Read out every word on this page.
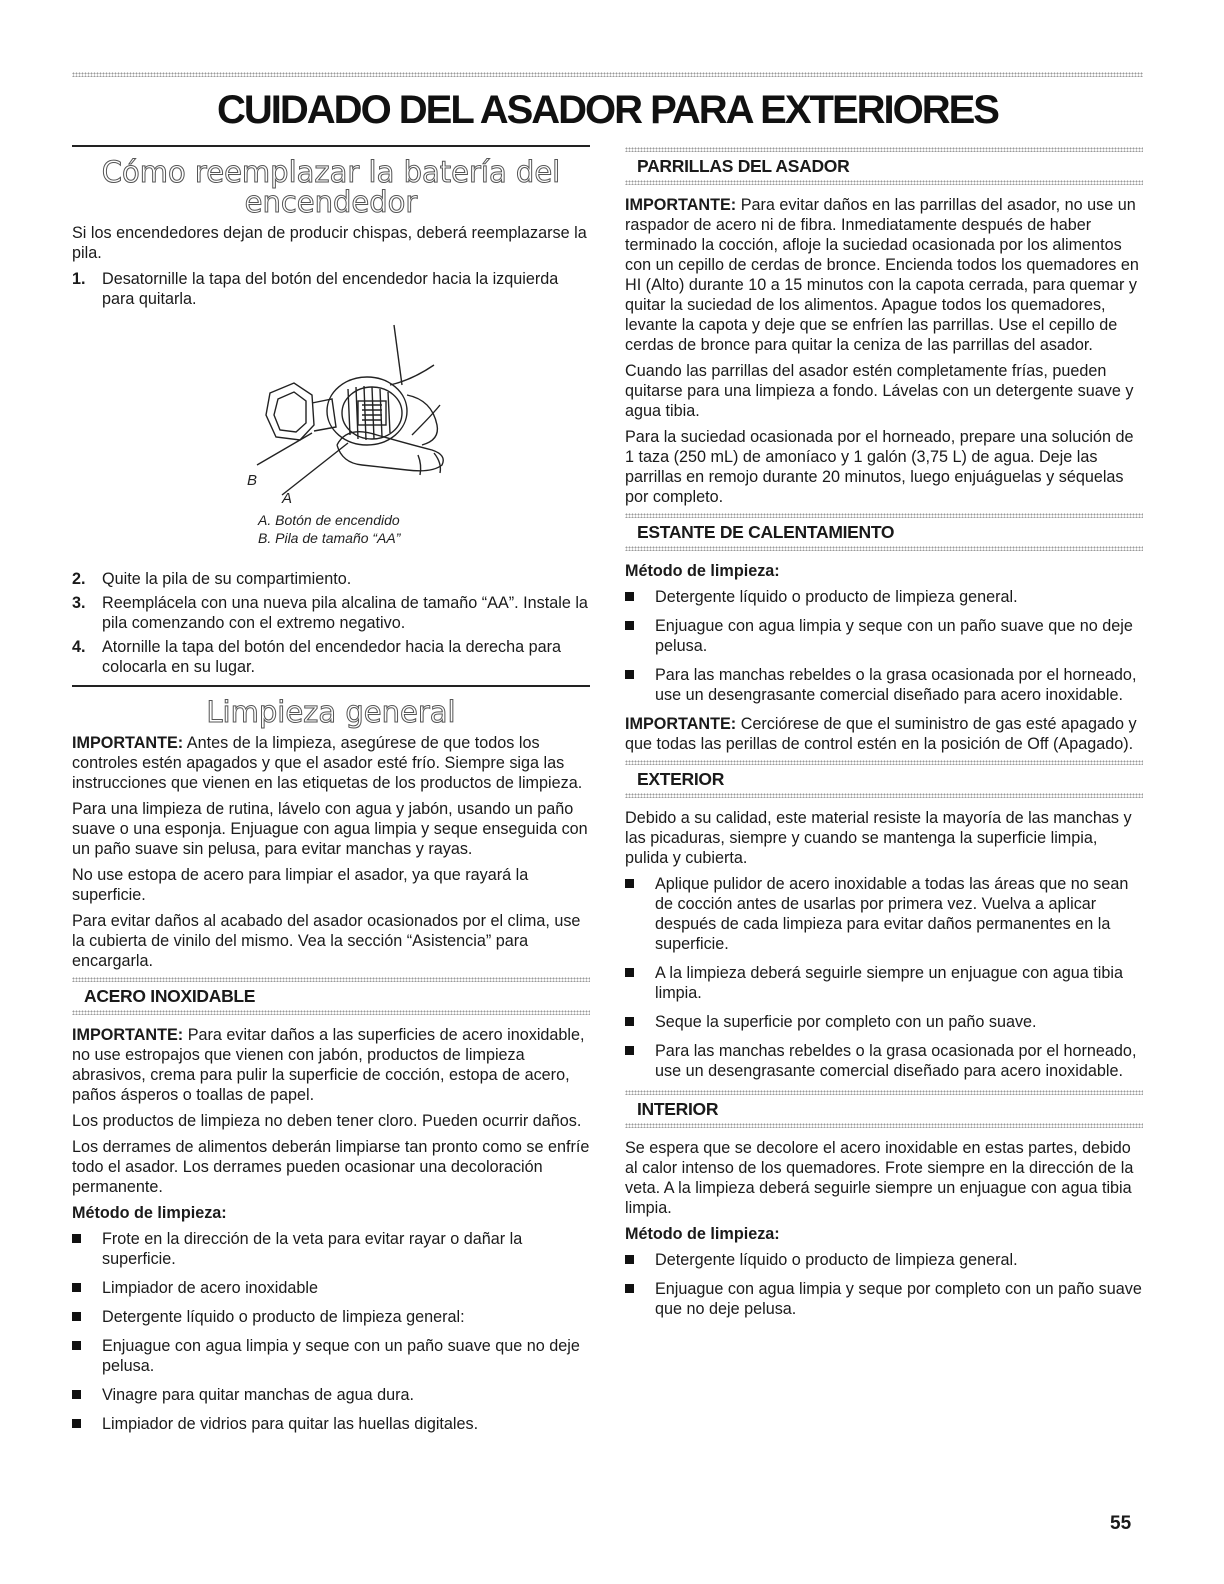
CUIDADO DEL ASADOR PARA EXTERIORES
Cómo reemplazar la batería del encendedor

Si los encendedores dejan de producir chispas, deberá reemplazarse la pila.

1. Desatornille la tapa del botón del encendedor hacia la izquierda para quitarla.
B
A
A. Botón de encendido
B. Pila de tamaño “AA”
2. Quite la pila de su compartimiento.
3. Reemplácela con una nueva pila alcalina de tamaño “AA”. Instale la pila comenzando con el extremo negativo.
4. Atornille la tapa del botón del encendedor hacia la derecha para colocarla en su lugar.
Limpieza general

IMPORTANTE: Antes de la limpieza, asegúrese de que todos los controles estén apagados y que el asador esté frío. Siempre siga las instrucciones que vienen en las etiquetas de los productos de limpieza.

Para una limpieza de rutina, lávelo con agua y jabón, usando un paño suave o una esponja. Enjuague con agua limpia y seque enseguida con un paño suave sin pelusa, para evitar manchas y rayas.

No use estopa de acero para limpiar el asador, ya que rayará la superficie.

Para evitar daños al acabado del asador ocasionados por el clima, use la cubierta de vinilo del mismo. Vea la sección “Asistencia” para encargarla.

ACERO INOXIDABLE

IMPORTANTE: Para evitar daños a las superficies de acero inoxidable, no use estropajos que vienen con jabón, productos de limpieza abrasivos, crema para pulir la superficie de cocción, estopa de acero, paños ásperos o toallas de papel.

Los productos de limpieza no deben tener cloro. Pueden ocurrir daños.

Los derrames de alimentos deberán limpiarse tan pronto como se enfríe todo el asador. Los derrames pueden ocasionar una decoloración permanente.

Método de limpieza:
Frote en la dirección de la veta para evitar rayar o dañar la superficie.
Limpiador de acero inoxidable
Detergente líquido o producto de limpieza general:
Enjuague con agua limpia y seque con un paño suave que no deje pelusa.
Vinagre para quitar manchas de agua dura.
Limpiador de vidrios para quitar las huellas digitales.
PARRILLAS DEL ASADOR

IMPORTANTE: Para evitar daños en las parrillas del asador, no use un raspador de acero ni de fibra. Inmediatamente después de haber terminado la cocción, afloje la suciedad ocasionada por los alimentos con un cepillo de cerdas de bronce. Encienda todos los quemadores en HI (Alto) durante 10 a 15 minutos con la capota cerrada, para quemar y quitar la suciedad de los alimentos. Apague todos los quemadores, levante la capota y deje que se enfríen las parrillas. Use el cepillo de cerdas de bronce para quitar la ceniza de las parrillas del asador.

Cuando las parrillas del asador estén completamente frías, pueden quitarse para una limpieza a fondo. Lávelas con un detergente suave y agua tibia.

Para la suciedad ocasionada por el horneado, prepare una solución de 1 taza (250 mL) de amoníaco y 1 galón (3,75 L) de agua. Deje las parrillas en remojo durante 20 minutos, luego enjuáguelas y séquelas por completo.

ESTANTE DE CALENTAMIENTO
Método de limpieza:
Detergente líquido o producto de limpieza general.
Enjuague con agua limpia y seque con un paño suave que no deje pelusa.
Para las manchas rebeldes o la grasa ocasionada por el horneado, use un desengrasante comercial diseñado para acero inoxidable.

IMPORTANTE: Cerciórese de que el suministro de gas esté apagado y que todas las perillas de control estén en la posición de Off (Apagado).

EXTERIOR

Debido a su calidad, este material resiste la mayoría de las manchas y las picaduras, siempre y cuando se mantenga la superficie limpia, pulida y cubierta.

Aplique pulidor de acero inoxidable a todas las áreas que no sean de cocción antes de usarlas por primera vez. Vuelva a aplicar después de cada limpieza para evitar daños permanentes en la superficie.
A la limpieza deberá seguirle siempre un enjuague con agua tibia limpia.
Seque la superficie por completo con un paño suave.
Para las manchas rebeldes o la grasa ocasionada por el horneado, use un desengrasante comercial diseñado para acero inoxidable.
INTERIOR

Se espera que se decolore el acero inoxidable en estas partes, debido al calor intenso de los quemadores. Frote siempre en la dirección de la veta. A la limpieza deberá seguirle siempre un enjuague con agua tibia limpia.

Método de limpieza:
Detergente líquido o producto de limpieza general.
Enjuague con agua limpia y seque por completo con un paño suave que no deje pelusa.

55
